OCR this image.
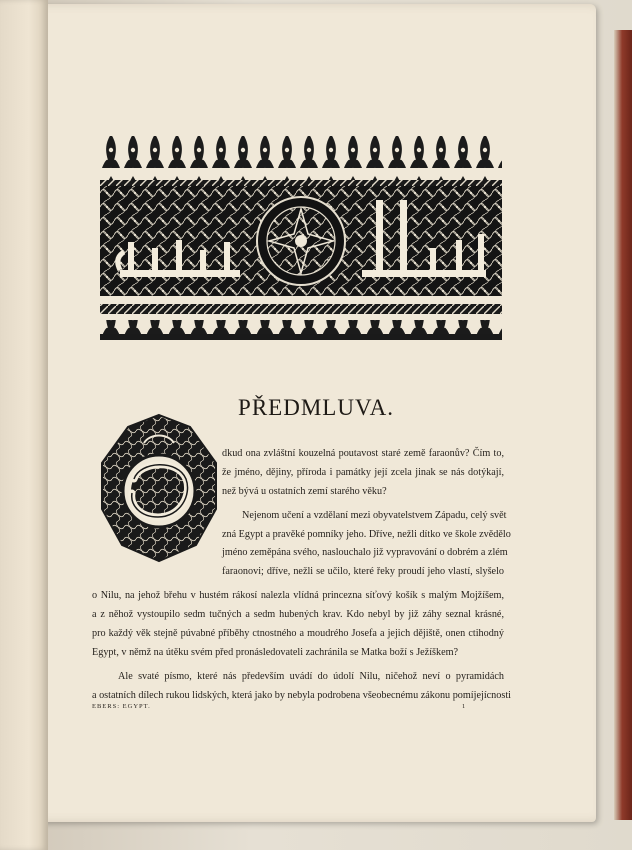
PŘEDMLUVA.
dkud ona zvláštní kouzelná poutavost staré země faraonův? Čím to,
že jméno, dějiny, příroda i památky její zcela jinak se nás dotýkají,
než bývá u ostatních zemí starého věku?
Nejenom učení a vzdělaní mezi obyvatelstvem Západu, celý svět
zná Egypt a pravěké pomníky jeho. Dříve, nežli dítko ve škole zvědělo
jméno zeměpána svého, naslouchalo již vypravování o dobrém a zlém
faraonovi; dříve, nežli se učilo, které řeky proudí jeho vlastí, slyšelo
o Nilu, na jehož břehu v hustém rákosí nalezla vlídná princezna síťový košík s malým Mojžíšem,
a z něhož vystoupilo sedm tučných a sedm hubených krav. Kdo nebyl by již záhy seznal krásné,
pro každý věk stejně púvabné příběhy ctnostného a moudrého Josefa a jejich dějiště, onen ctihodný
Egypt, v němž na útěku svém před pronásledovateli zachránila se Matka boží s Ježíškem?
Ale svaté písmo, které nás především uvádí do údolí Nilu, ničehož neví o pyramidách
a ostatních dílech rukou lidských, která jako by nebyla podrobena všeobecnému zákonu pomíjejícnosti
EBERS: EGYPT.	1
